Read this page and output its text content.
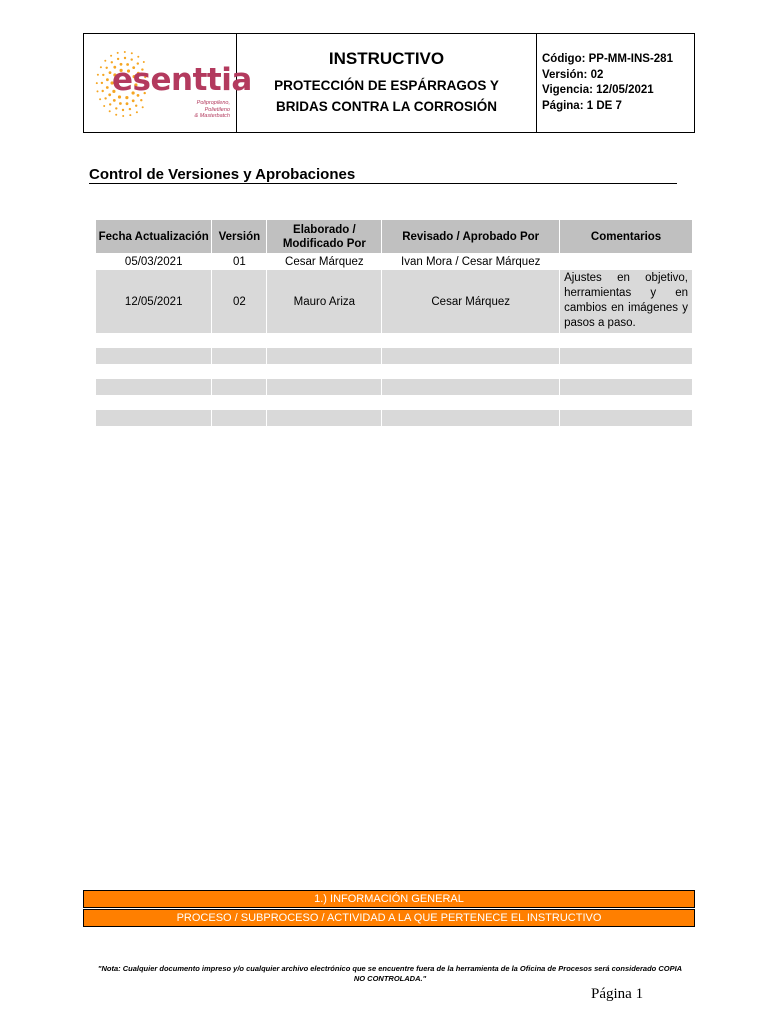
esenttia
Polipropileno, Polietileno
& Masterbatch
INSTRUCTIVO
PROTECCIÓN DE ESPÁRRAGOS Y
BRIDAS CONTRA LA CORROSIÓN
Código: PP-MM-INS-281
Versión: 02
Vigencia: 12/05/2021
Página: 1 DE 7
Control de Versiones y Aprobaciones
Fecha Actualización	Versión	Elaborado / Modificado Por	Revisado / Aprobado Por	Comentarios
05/03/2021	01	Cesar Márquez	Ivan Mora / Cesar Márquez	
12/05/2021	02	Mauro Ariza	Cesar Márquez	Ajustes en objetivo, herramientas y en cambios en imágenes y pasos a paso.

1.) INFORMACIÓN GENERAL
PROCESO / SUBPROCESO / ACTIVIDAD A LA QUE PERTENECE EL INSTRUCTIVO
"Nota: Cualquier documento impreso y/o cualquier archivo electrónico que se encuentre fuera de la herramienta de la Oficina de Procesos será considerado COPIA
NO CONTROLADA."
Página 1
